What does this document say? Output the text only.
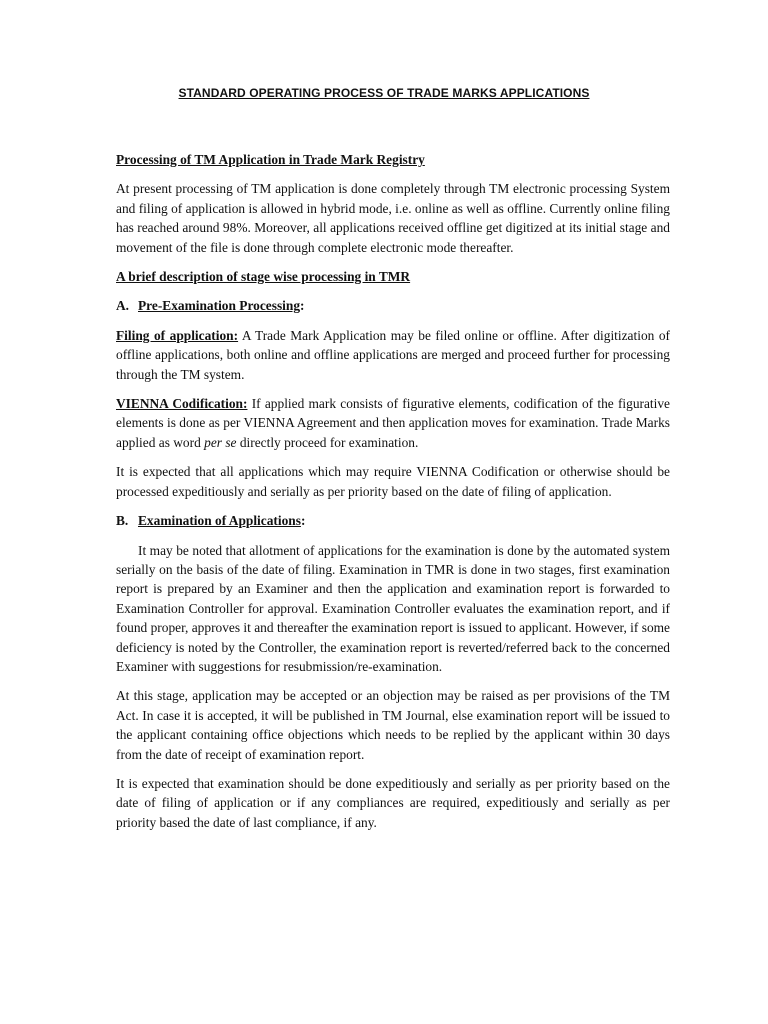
STANDARD OPERATING PROCESS OF TRADE MARKS APPLICATIONS

Processing of TM Application in Trade Mark Registry

At present processing of TM application is done completely through TM electronic processing System and filing of application is allowed in hybrid mode, i.e. online as well as offline. Currently online filing has reached around 98%. Moreover, all applications received offline get digitized at its initial stage and movement of the file is done through complete electronic mode thereafter.

A brief description of stage wise processing in TMR

A. Pre-Examination Processing:

Filing of application: A Trade Mark Application may be filed online or offline. After digitization of offline applications, both online and offline applications are merged and proceed further for processing through the TM system.

VIENNA Codification: If applied mark consists of figurative elements, codification of the figurative elements is done as per VIENNA Agreement and then application moves for examination. Trade Marks applied as word per se directly proceed for examination.

It is expected that all applications which may require VIENNA Codification or otherwise should be processed expeditiously and serially as per priority based on the date of filing of application.

B. Examination of Applications:

It may be noted that allotment of applications for the examination is done by the automated system serially on the basis of the date of filing. Examination in TMR is done in two stages, first examination report is prepared by an Examiner and then the application and examination report is forwarded to Examination Controller for approval. Examination Controller evaluates the examination report, and if found proper, approves it and thereafter the examination report is issued to applicant. However, if some deficiency is noted by the Controller, the examination report is reverted/referred back to the concerned Examiner with suggestions for resubmission/re-examination.

At this stage, application may be accepted or an objection may be raised as per provisions of the TM Act. In case it is accepted, it will be published in TM Journal, else examination report will be issued to the applicant containing office objections which needs to be replied by the applicant within 30 days from the date of receipt of examination report.

It is expected that examination should be done expeditiously and serially as per priority based on the date of filing of application or if any compliances are required, expeditiously and serially as per priority based the date of last compliance, if any.
